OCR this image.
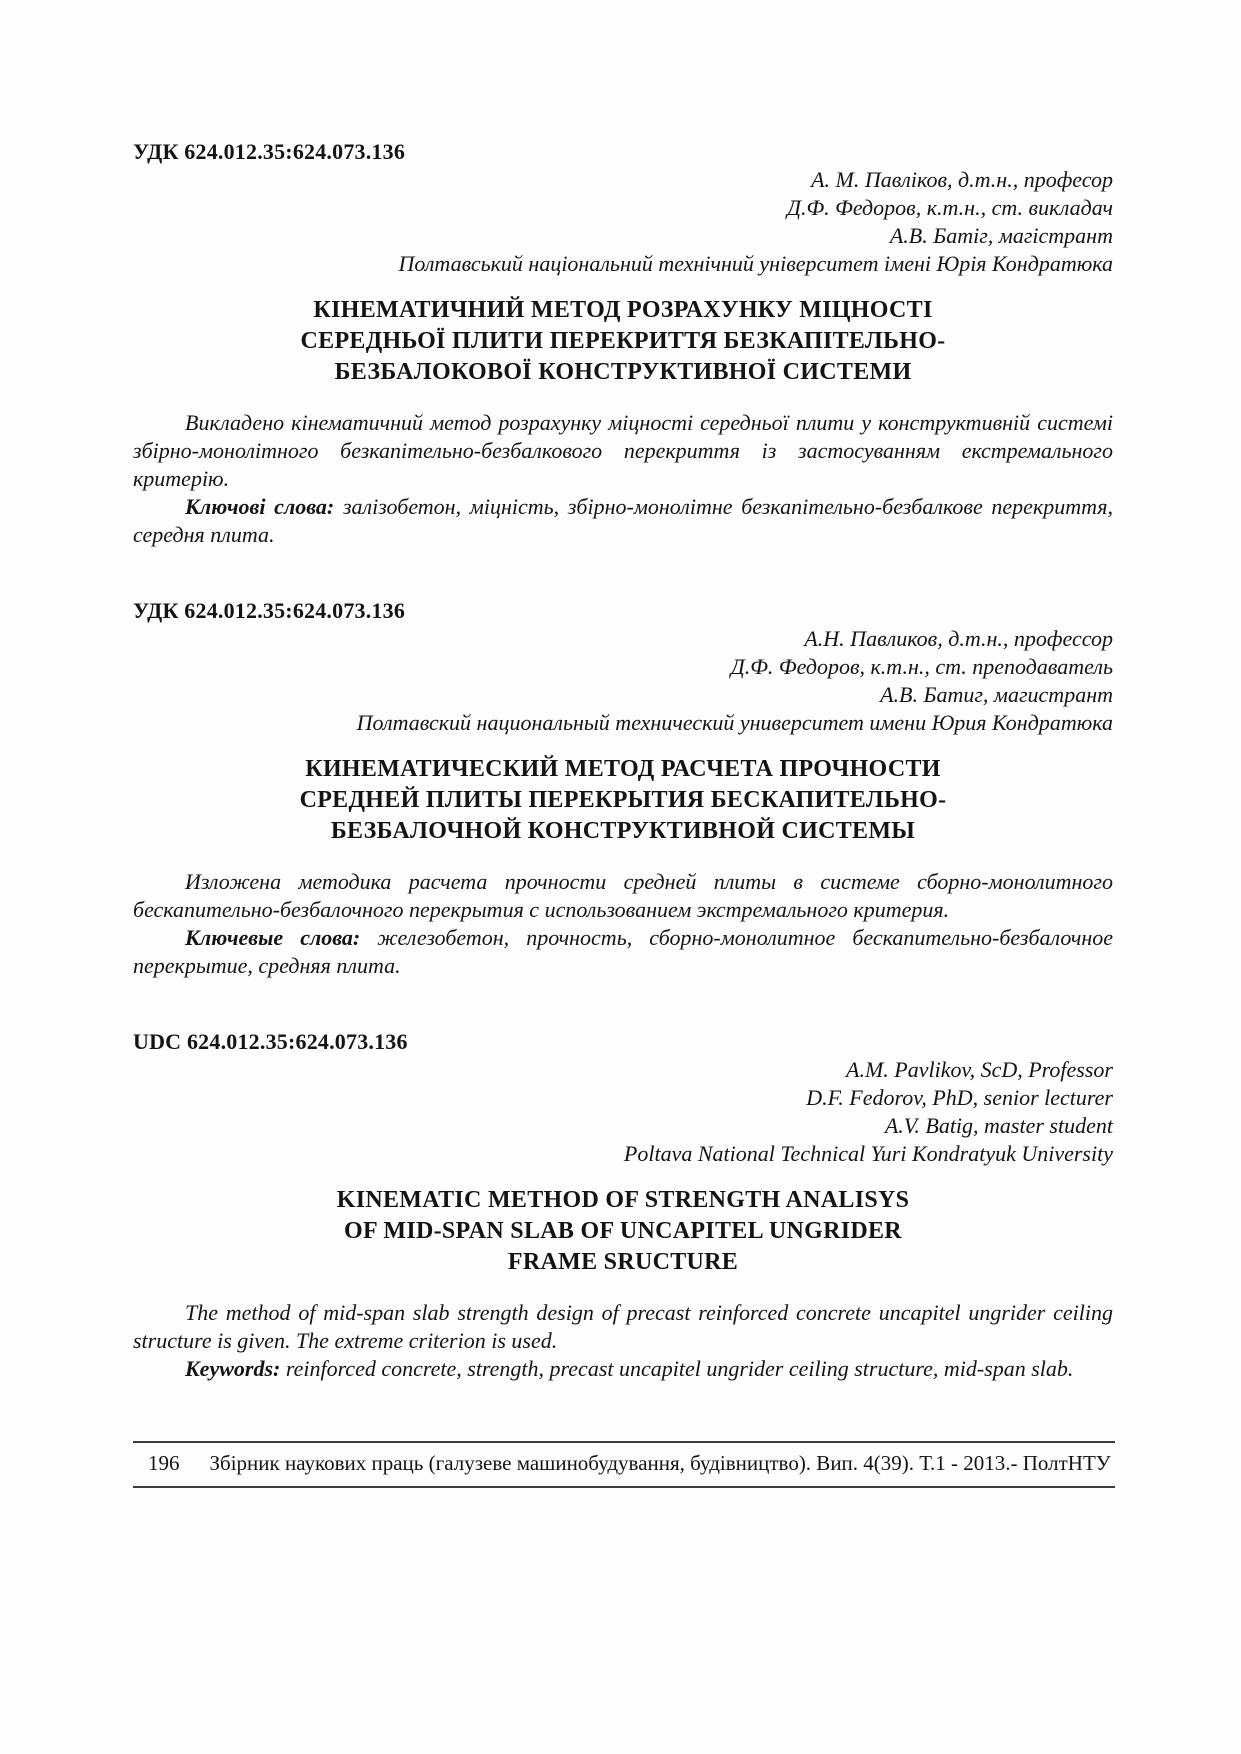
УДК 624.012.35:624.073.136

А. М. Павліков, д.т.н., професор

Д.Ф. Федоров, к.т.н., ст. викладач

А.В. Батіг, магістрант

Полтавський національний технічний університет імені Юрія Кондратюка

КІНЕМАТИЧНИЙ МЕТОД РОЗРАХУНКУ МІЦНОСТІ
СЕРЕДНЬОЇ ПЛИТИ ПЕРЕКРИТТЯ БЕЗКАПІТЕЛЬНО-
БЕЗБАЛОКОВОЇ КОНСТРУКТИВНОЇ СИСТЕМИ

Викладено кінематичний метод розрахунку міцності середньої плити у конструктивній системі збірно-монолітного безкапітельно-безбалкового перекриття із застосуванням екстремального критерію.

Ключові слова: залізобетон, міцність, збірно-монолітне безкапітельно-безбалкове перекриття, середня плита.

УДК 624.012.35:624.073.136

А.Н. Павликов, д.т.н., профессор

Д.Ф. Федоров, к.т.н., ст. преподаватель

А.В. Батиг, магистрант

Полтавский национальный технический университет имени Юрия Кондратюка

КИНЕМАТИЧЕСКИЙ МЕТОД РАСЧЕТА ПРОЧНОСТИ
СРЕДНЕЙ ПЛИТЫ ПЕРЕКРЫТИЯ БЕСКАПИТЕЛЬНО-
БЕЗБАЛОЧНОЙ КОНСТРУКТИВНОЙ СИСТЕМЫ

Изложена методика расчета прочности средней плиты в системе сборно-монолитного бескапительно-безбалочного перекрытия с использованием экстремального критерия.

Ключевые слова: железобетон, прочность, сборно-монолитное бескапительно-безбалочное перекрытие, средняя плита.

UDC 624.012.35:624.073.136

A.M. Pavlikov, ScD, Professor

D.F. Fedorov, PhD, senior lecturer

A.V. Batig, master student

Poltava National Technical Yuri Kondratyuk University

KINEMATIC METHOD OF STRENGTH ANALISYS
OF MID-SPAN SLAB OF UNCAPITEL UNGRIDER
FRAME SRUCTURE

The method of mid-span slab strength design of precast reinforced concrete uncapitel ungrider ceiling structure is given. The extreme criterion is used.

Keywords: reinforced concrete, strength, precast uncapitel ungrider ceiling structure, mid-span slab.

196 Збірник наукових праць (галузеве машинобудування, будівництво). Вип. 4(39). Т.1 - 2013.- ПолтНТУ
